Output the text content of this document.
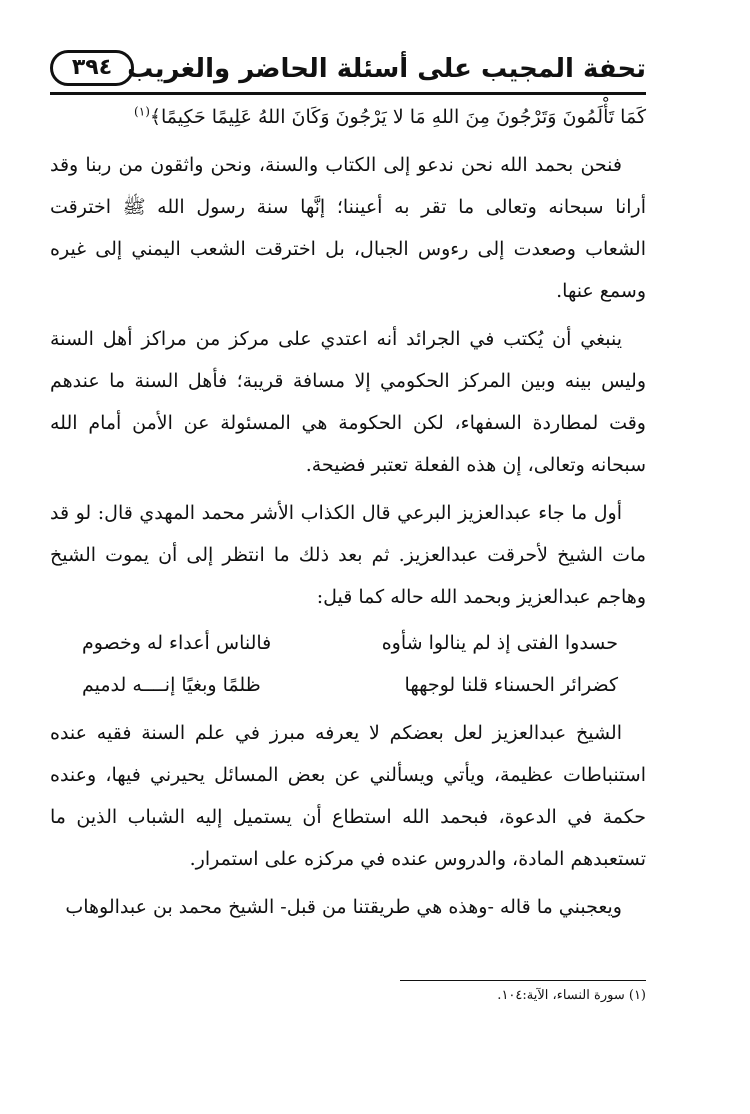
تحفة المجيب على أسئلة الحاضر والغريب
٣٩٤

كَمَا تَأْلَمُونَ وَتَرْجُونَ مِنَ اللهِ مَا لا يَرْجُونَ وَكَانَ اللهُ عَلِيمًا حَكِيمًا﴾$^{(١)}$

فنحن بحمد الله نحن ندعو إلى الكتاب والسنة، ونحن واثقون من ربنا وقد أرانا سبحانه وتعالى ما تقر به أعيننا؛ إنَّها سنة رسول الله ﷺ اخترقت الشعاب وصعدت إلى رءوس الجبال، بل اخترقت الشعب اليمني إلى غيره وسمع عنها.

ينبغي أن يُكتب في الجرائد أنه اعتدي على مركز من مراكز أهل السنة وليس بينه وبين المركز الحكومي إلا مسافة قريبة؛ فأهل السنة ما عندهم وقت لمطاردة السفهاء، لكن الحكومة هي المسئولة عن الأمن أمام الله سبحانه وتعالى، إن هذه الفعلة تعتبر فضيحة.

أول ما جاء عبدالعزيز البرعي قال الكذاب الأشر محمد المهدي قال: لو قد مات الشيخ لأحرقت عبدالعزيز. ثم بعد ذلك ما انتظر إلى أن يموت الشيخ وهاجم عبدالعزيز وبحمد الله حاله كما قيل:

حسدوا الفتى إذ لم ينالوا شأوه
فالناس أعداء له وخصوم
كضرائر الحسناء قلنا لوجهها
ظلمًا وبغيًا إنــــه لدميم

الشيخ عبدالعزيز لعل بعضكم لا يعرفه مبرز في علم السنة فقيه عنده استنباطات عظيمة، ويأتي ويسألني عن بعض المسائل يحيرني فيها، وعنده حكمة في الدعوة، فبحمد الله استطاع أن يستميل إليه الشباب الذين ما تستعبدهم المادة، والدروس عنده في مركزه على استمرار.

ويعجبني ما قاله -وهذه هي طريقتنا من قبل- الشيخ محمد بن عبدالوهاب

(١) سورة النساء، الآية:١٠٤.
